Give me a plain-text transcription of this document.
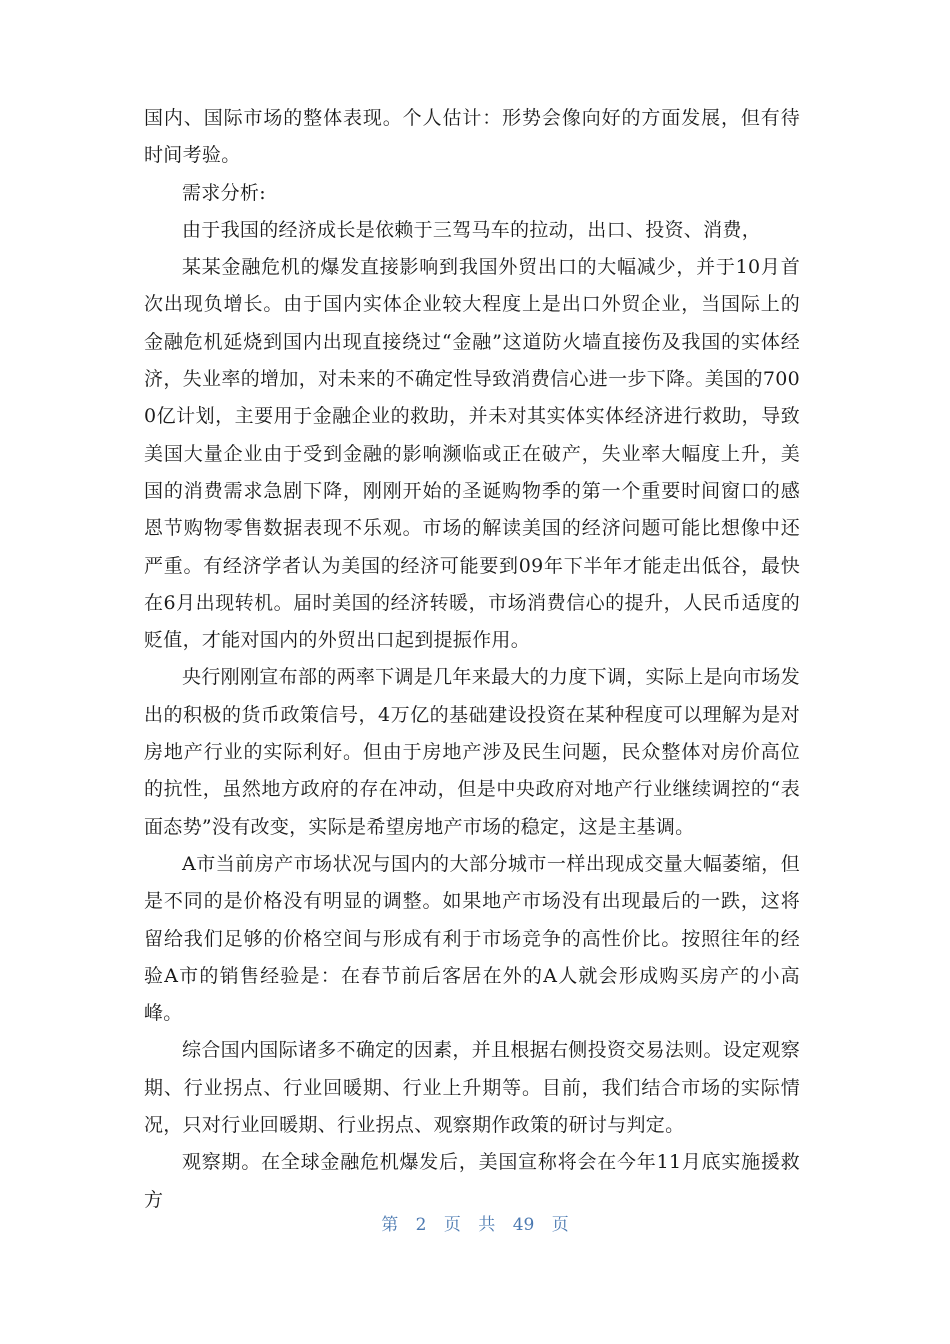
国内、国际市场的整体表现。个人估计：形势会像向好的方面发展，但有待时间考验。

需求分析:

由于我国的经济成长是依赖于三驾马车的拉动，出口、投资、消费，

某某金融危机的爆发直接影响到我国外贸出口的大幅减少，并于10月首次出现负增长。由于国内实体企业较大程度上是出口外贸企业，当国际上的金融危机延烧到国内出现直接绕过“金融”这道防火墙直接伤及我国的实体经济，失业率的增加，对未来的不确定性导致消费信心进一步下降。美国的7000亿计划，主要用于金融企业的救助，并未对其实体实体经济进行救助，导致美国大量企业由于受到金融的影响濒临或正在破产，失业率大幅度上升，美国的消费需求急剧下降，刚刚开始的圣诞购物季的第一个重要时间窗口的感恩节购物零售数据表现不乐观。市场的解读美国的经济问题可能比想像中还严重。有经济学者认为美国的经济可能要到09年下半年才能走出低谷，最快在6月出现转机。届时美国的经济转暖，市场消费信心的提升，人民币适度的贬值，才能对国内的外贸出口起到提振作用。

央行刚刚宣布部的两率下调是几年来最大的力度下调，实际上是向市场发出的积极的货币政策信号，4万亿的基础建设投资在某种程度可以理解为是对房地产行业的实际利好。但由于房地产涉及民生问题，民众整体对房价高位的抗性，虽然地方政府的存在冲动，但是中央政府对地产行业继续调控的“表面态势”没有改变，实际是希望房地产市场的稳定，这是主基调。

A市当前房产市场状况与国内的大部分城市一样出现成交量大幅萎缩，但是不同的是价格没有明显的调整。如果地产市场没有出现最后的一跌，这将留给我们足够的价格空间与形成有利于市场竞争的高性价比。按照往年的经验A市的销售经验是：在春节前后客居在外的A人就会形成购买房产的小高峰。

综合国内国际诸多不确定的因素，并且根据右侧投资交易法则。设定观察期、行业拐点、行业回暖期、行业上升期等。目前，我们结合市场的实际情况，只对行业回暖期、行业拐点、观察期作政策的研讨与判定。

观察期。在全球金融危机爆发后，美国宣称将会在今年11月底实施援救方

第 2 页 共 49 页
